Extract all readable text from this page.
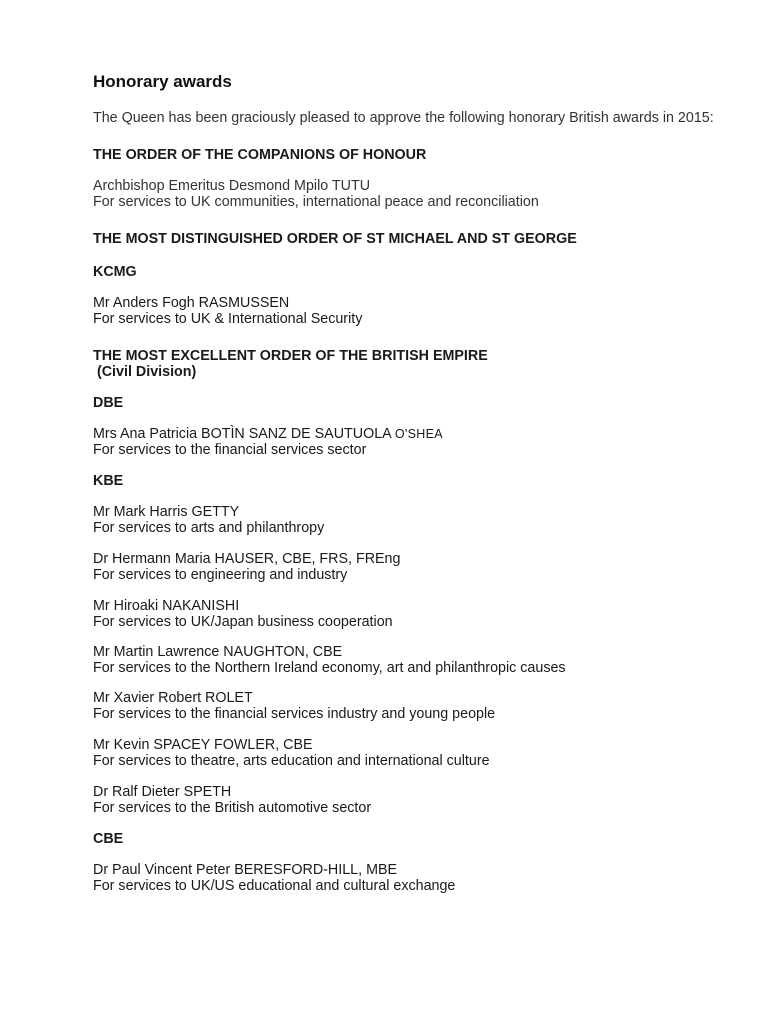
Honorary awards

The Queen has been graciously pleased to approve the following honorary British awards in 2015:

THE ORDER OF THE COMPANIONS OF HONOUR

Archbishop Emeritus Desmond Mpilo TUTU

For services to UK communities, international peace and reconciliation

THE MOST DISTINGUISHED ORDER OF ST MICHAEL AND ST GEORGE

KCMG

Mr Anders Fogh RASMUSSEN

For services to UK & International Security

THE MOST EXCELLENT ORDER OF THE BRITISH EMPIRE

(Civil Division)

DBE

Mrs Ana Patricia BOTÌN SANZ DE SAUTUOLA O'SHEA

For services to the financial services sector

KBE

Mr Mark Harris GETTY

For services to arts and philanthropy

Dr Hermann Maria HAUSER, CBE, FRS, FREng

For services to engineering and industry

Mr Hiroaki NAKANISHI

For services to UK/Japan business cooperation

Mr Martin Lawrence NAUGHTON, CBE

For services to the Northern Ireland economy, art and philanthropic causes

Mr Xavier Robert ROLET

For services to the financial services industry and young people

Mr Kevin SPACEY FOWLER, CBE

For services to theatre, arts education and international culture

Dr Ralf Dieter SPETH

For services to the British automotive sector

CBE

Dr Paul Vincent Peter BERESFORD-HILL, MBE

For services to UK/US educational and cultural exchange
